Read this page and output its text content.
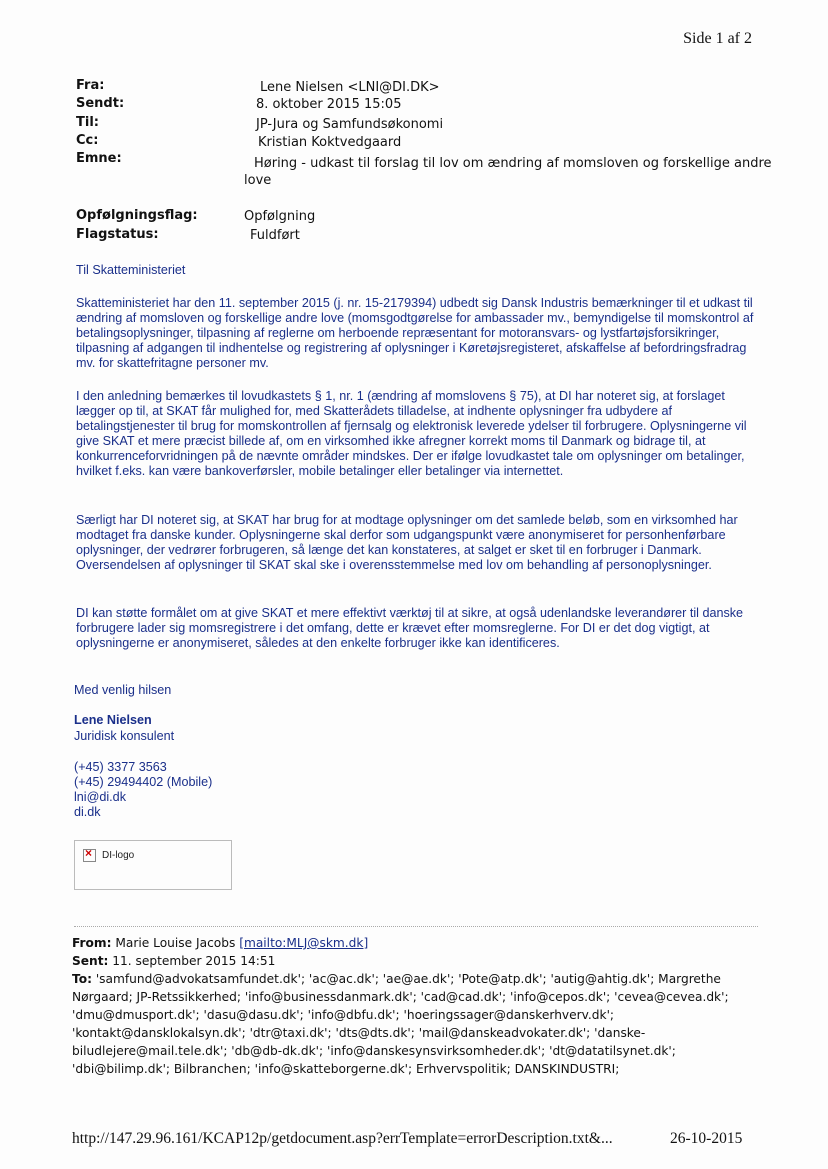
Side 1 af 2
Fra:	Lene Nielsen <LNI@DI.DK>
Sendt:	8. oktober 2015 15:05
Til:	JP-Jura og Samfundsøkonomi
Cc:	Kristian Koktvedgaard
Emne:	Høring - udkast til forslag til lov om ændring af momsloven og forskellige andre
love
Opfølgningsflag:	Opfølgning
Flagstatus:	Fuldført
Til Skatteministeriet

Skatteministeriet har den 11. september 2015 (j. nr. 15-2179394) udbedt sig Dansk Industris bemærkninger til et udkast til ændring af momsloven og forskellige andre love (momsgodtgørelse for ambassader mv., bemyndigelse til momskontrol af betalingsoplysninger, tilpasning af reglerne om herboende repræsentant for motoransvars- og lystfartøjsforsikringer, tilpasning af adgangen til indhentelse og registrering af oplysninger i Køretøjsregisteret, afskaffelse af befordringsfradrag mv. for skattefritagne personer mv.

I den anledning bemærkes til lovudkastets § 1, nr. 1 (ændring af momslovens § 75), at DI har noteret sig, at forslaget lægger op til, at SKAT får mulighed for, med Skatterådets tilladelse, at indhente oplysninger fra udbydere af betalingstjenester til brug for momskontrollen af fjernsalg og elektronisk leverede ydelser til forbrugere. Oplysningerne vil give SKAT et mere præcist billede af, om en virksomhed ikke afregner korrekt moms til Danmark og bidrage til, at konkurrenceforvridningen på de nævnte områder mindskes. Der er ifølge lovudkastet tale om oplysninger om betalinger, hvilket f.eks. kan være bankoverførsler, mobile betalinger eller betalinger via internettet.

Særligt har DI noteret sig, at SKAT har brug for at modtage oplysninger om det samlede beløb, som en virksomhed har modtaget fra danske kunder. Oplysningerne skal derfor som udgangspunkt være anonymiseret for personhenførbare oplysninger, der vedrører forbrugeren, så længe det kan konstateres, at salget er sket til en forbruger i Danmark. Oversendelsen af oplysninger til SKAT skal ske i overensstemmelse med lov om behandling af personoplysninger.

DI kan støtte formålet om at give SKAT et mere effektivt værktøj til at sikre, at også udenlandske leverandører til danske forbrugere lader sig momsregistrere i det omfang, dette er krævet efter momsreglerne. For DI er det dog vigtigt, at oplysningerne er anonymiseret, således at den enkelte forbruger ikke kan identificeres.

Med venlig hilsen
Lene Nielsen
Juridisk konsulent
(+45) 3377 3563
(+45) 29494402 (Mobile)
lni@di.dk
di.dk
×
DI-logo

From: Marie Louise Jacobs [mailto:MLJ@skm.dk]

Sent: 11. september 2015 14:51

To: 'samfund@advokatsamfundet.dk'; 'ac@ac.dk'; 'ae@ae.dk'; 'Pote@atp.dk'; 'autig@ahtig.dk'; Margrethe

Nørgaard; JP-Retssikkerhed; 'info@businessdanmark.dk'; 'cad@cad.dk'; 'info@cepos.dk'; 'cevea@cevea.dk';

'dmu@dmusport.dk'; 'dasu@dasu.dk'; 'info@dbfu.dk'; 'hoeringssager@danskerhverv.dk';

'kontakt@dansklokalsyn.dk'; 'dtr@taxi.dk'; 'dts@dts.dk'; 'mail@danskeadvokater.dk'; 'danske-

biludlejere@mail.tele.dk'; 'db@db-dk.dk'; 'info@danskesynsvirksomheder.dk'; 'dt@datatilsynet.dk';

'dbi@bilimp.dk'; Bilbranchen; 'info@skatteborgerne.dk'; Erhvervspolitik; DANSKINDUSTRI;

http://147.29.96.161/KCAP12p/getdocument.asp?errTemplate=errorDescription.txt&...	26-10-2015
